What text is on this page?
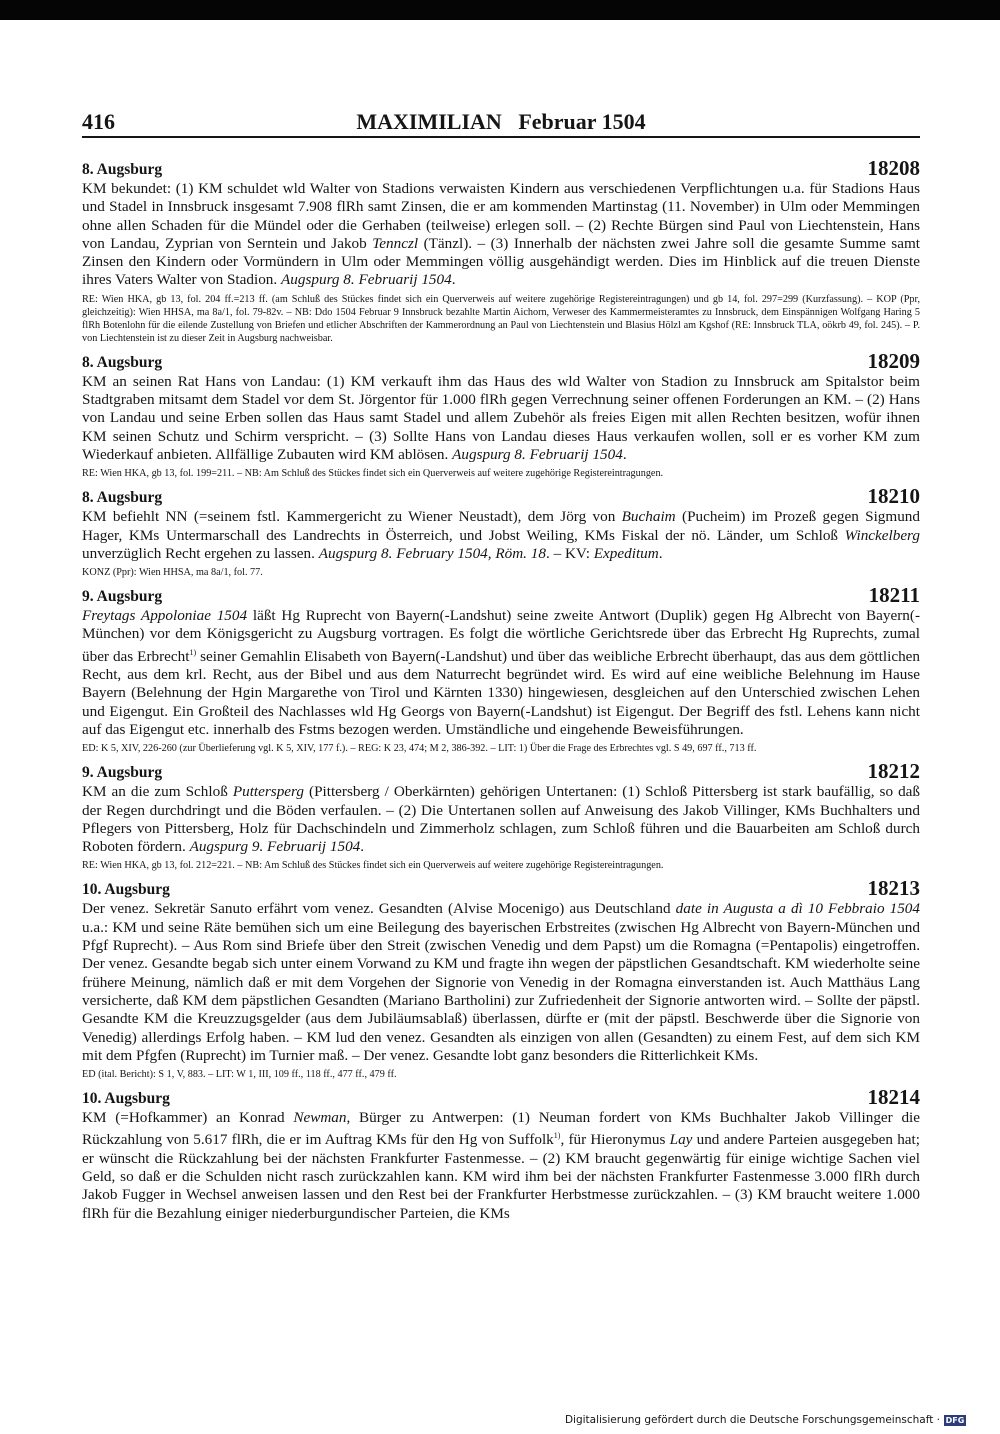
416	MAXIMILIAN   Februar 1504
8. Augsburg	18208
KM bekundet: (1) KM schuldet wld Walter von Stadions verwaisten Kindern aus verschiedenen Verpflichtungen u.a. für Stadions Haus und Stadel in Innsbruck insgesamt 7.908 flRh samt Zinsen, die er am kommenden Martinstag (11. November) in Ulm oder Memmingen ohne allen Schaden für die Mündel oder die Gerhaben (teilweise) erlegen soll. – (2) Rechte Bürgen sind Paul von Liechtenstein, Hans von Landau, Zyprian von Serntein und Jakob Tennczl (Tänzl). – (3) Innerhalb der nächsten zwei Jahre soll die gesamte Summe samt Zinsen den Kindern oder Vormündern in Ulm oder Memmingen völlig ausgehändigt werden. Dies im Hinblick auf die treuen Dienste ihres Vaters Walter von Stadion. Augspurg 8. Februarij 1504.
RE: Wien HKA, gb 13, fol. 204 ff.=213 ff. (am Schluß des Stückes findet sich ein Querverweis auf weitere zugehörige Registereintragungen) und gb 14, fol. 297=299 (Kurzfassung). – KOP (Ppr, gleichzeitig): Wien HHSA, ma 8a/1, fol. 79-82v. – NB: Ddo 1504 Februar 9 Innsbruck bezahlte Martin Aichorn, Verweser des Kammermeisteramtes zu Innsbruck, dem Einspännigen Wolfgang Haring 5 flRh Botenlohn für die eilende Zustellung von Briefen und etlicher Abschriften der Kammerordnung an Paul von Liechtenstein und Blasius Hölzl am Kgshof (RE: Innsbruck TLA, oökrb 49, fol. 245). – P. von Liechtenstein ist zu dieser Zeit in Augsburg nachweisbar.
8. Augsburg	18209
KM an seinen Rat Hans von Landau: (1) KM verkauft ihm das Haus des wld Walter von Stadion zu Innsbruck am Spitalstor beim Stadtgraben mitsamt dem Stadel vor dem St. Jörgentor für 1.000 flRh gegen Verrechnung seiner offenen Forderungen an KM. – (2) Hans von Landau und seine Erben sollen das Haus samt Stadel und allem Zubehör als freies Eigen mit allen Rechten besitzen, wofür ihnen KM seinen Schutz und Schirm verspricht. – (3) Sollte Hans von Landau dieses Haus verkaufen wollen, soll er es vorher KM zum Wiederkauf anbieten. Allfällige Zubauten wird KM ablösen. Augspurg 8. Februarij 1504.
RE: Wien HKA, gb 13, fol. 199=211. – NB: Am Schluß des Stückes findet sich ein Querverweis auf weitere zugehörige Registereintragungen.
8. Augsburg	18210
KM befiehlt NN (=seinem fstl. Kammergericht zu Wiener Neustadt), dem Jörg von Buchaim (Pucheim) im Prozeß gegen Sigmund Hager, KMs Untermarschall des Landrechts in Österreich, und Jobst Weiling, KMs Fiskal der nö. Länder, um Schloß Winckelberg unverzüglich Recht ergehen zu lassen. Augspurg 8. February 1504, Röm. 18. – KV: Expeditum.
KONZ (Ppr): Wien HHSA, ma 8a/1, fol. 77.
9. Augsburg	18211
Freytags Appoloniae 1504 läßt Hg Ruprecht von Bayern(-Landshut) seine zweite Antwort (Duplik) gegen Hg Albrecht von Bayern(-München) vor dem Königsgericht zu Augsburg vortragen. Es folgt die wörtliche Gerichtsrede über das Erbrecht Hg Ruprechts, zumal über das Erbrecht$^{1)}$ seiner Gemahlin Elisabeth von Bayern(-Landshut) und über das weibliche Erbrecht überhaupt, das aus dem göttlichen Recht, aus dem krl. Recht, aus der Bibel und aus dem Naturrecht begründet wird. Es wird auf eine weibliche Belehnung im Hause Bayern (Belehnung der Hgin Margarethe von Tirol und Kärnten 1330) hingewiesen, desgleichen auf den Unterschied zwischen Lehen und Eigengut. Ein Großteil des Nachlasses wld Hg Georgs von Bayern(-Landshut) ist Eigengut. Der Begriff des fstl. Lehens kann nicht auf das Eigengut etc. innerhalb des Fstms bezogen werden. Umständliche und eingehende Beweisführungen.
ED: K 5, XIV, 226-260 (zur Überlieferung vgl. K 5, XIV, 177 f.). – REG: K 23, 474; M 2, 386-392. – LIT: 1) Über die Frage des Erbrechtes vgl. S 49, 697 ff., 713 ff.
9. Augsburg	18212
KM an die zum Schloß Puttersperg (Pittersberg / Oberkärnten) gehörigen Untertanen: (1) Schloß Pittersberg ist stark baufällig, so daß der Regen durchdringt und die Böden verfaulen. – (2) Die Untertanen sollen auf Anweisung des Jakob Villinger, KMs Buchhalters und Pflegers von Pittersberg, Holz für Dachschindeln und Zimmerholz schlagen, zum Schloß führen und die Bauarbeiten am Schloß durch Roboten fördern. Augspurg 9. Februarij 1504.
RE: Wien HKA, gb 13, fol. 212=221. – NB: Am Schluß des Stückes findet sich ein Querverweis auf weitere zugehörige Registereintragungen.
10. Augsburg	18213
Der venez. Sekretär Sanuto erfährt vom venez. Gesandten (Alvise Mocenigo) aus Deutschland date in Augusta a dì 10 Febbraio 1504 u.a.: KM und seine Räte bemühen sich um eine Beilegung des bayerischen Erbstreites (zwischen Hg Albrecht von Bayern-München und Pfgf Ruprecht). – Aus Rom sind Briefe über den Streit (zwischen Venedig und dem Papst) um die Romagna (=Pentapolis) eingetroffen. Der venez. Gesandte begab sich unter einem Vorwand zu KM und fragte ihn wegen der päpstlichen Gesandtschaft. KM wiederholte seine frühere Meinung, nämlich daß er mit dem Vorgehen der Signorie von Venedig in der Romagna einverstanden ist. Auch Matthäus Lang versicherte, daß KM dem päpstlichen Gesandten (Mariano Bartholini) zur Zufriedenheit der Signorie antworten wird. – Sollte der päpstl. Gesandte KM die Kreuzzugsgelder (aus dem Jubiläumsablaß) überlassen, dürfte er (mit der päpstl. Beschwerde über die Signorie von Venedig) allerdings Erfolg haben. – KM lud den venez. Gesandten als einzigen von allen (Gesandten) zu einem Fest, auf dem sich KM mit dem Pfgfen (Ruprecht) im Turnier maß. – Der venez. Gesandte lobt ganz besonders die Ritterlichkeit KMs.
ED (ital. Bericht): S 1, V, 883. – LIT: W 1, III, 109 ff., 118 ff., 477 ff., 479 ff.
10. Augsburg	18214
KM (=Hofkammer) an Konrad Newman, Bürger zu Antwerpen: (1) Neuman fordert von KMs Buchhalter Jakob Villinger die Rückzahlung von 5.617 flRh, die er im Auftrag KMs für den Hg von Suffolk$^{1)}$, für Hieronymus Lay und andere Parteien ausgegeben hat; er wünscht die Rückzahlung bei der nächsten Frankfurter Fastenmesse. – (2) KM braucht gegenwärtig für einige wichtige Sachen viel Geld, so daß er die Schulden nicht rasch zurückzahlen kann. KM wird ihm bei der nächsten Frankfurter Fastenmesse 3.000 flRh durch Jakob Fugger in Wechsel anweisen lassen und den Rest bei der Frankfurter Herbstmesse zurückzahlen. – (3) KM braucht weitere 1.000 flRh für die Bezahlung einiger niederburgundischer Parteien, die KMs
Digitalisierung gefördert durch die Deutsche Forschungsgemeinschaft · DFG
